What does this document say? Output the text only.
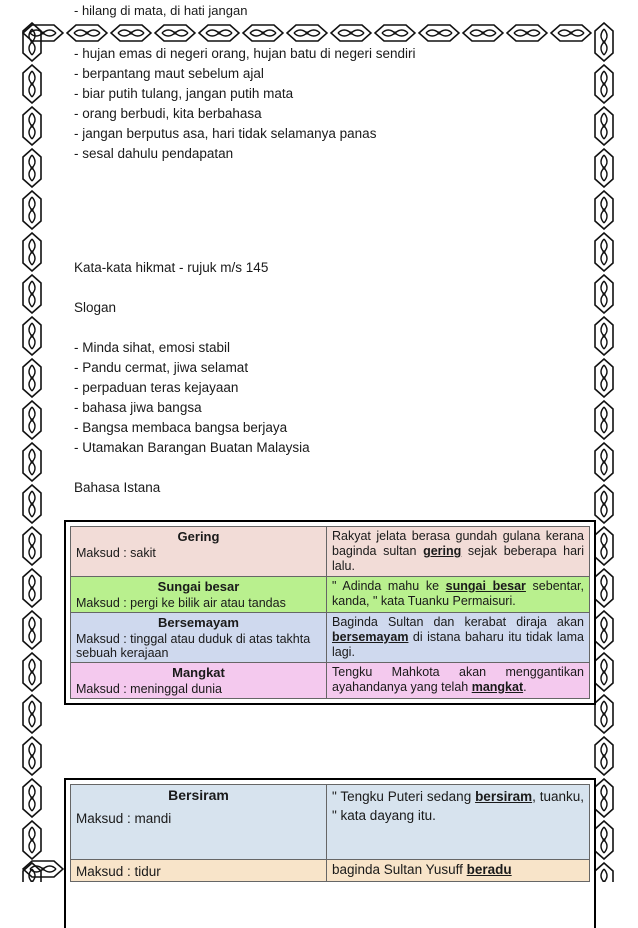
- hilang di mata, di hati jangan
- hujan emas di negeri orang, hujan batu di negeri sendiri
- berpantang maut sebelum ajal
- biar putih tulang, jangan putih mata
- orang berbudi, kita berbahasa
- jangan berputus asa, hari tidak selamanya panas
- sesal dahulu pendapatan
Kata-kata hikmat - rujuk m/s 145
Slogan
- Minda sihat, emosi stabil
- Pandu cermat, jiwa selamat
- perpaduan teras kejayaan
- bahasa jiwa bangsa
- Bangsa membaca bangsa berjaya
- Utamakan Barangan Buatan Malaysia
Bahasa Istana
Gering
Maksud : sakit	Rakyat jelata berasa gundah gulana kerana baginda sultan gering sejak beberapa hari lalu.

Sungai besar
Maksud : pergi ke bilik air atau tandas	" Adinda mahu ke sungai besar sebentar, kanda, " kata Tuanku Permaisuri.

Bersemayam
Maksud : tinggal atau duduk di atas takhta sebuah kerajaan	Baginda Sultan dan kerabat diraja akan bersemayam di istana baharu itu tidak lama lagi.

Mangkat
Maksud : meninggal dunia	Tengku Mahkota akan menggantikan ayahandanya yang telah mangkat.
Bersiram
Maksud : mandi	" Tengku Puteri sedang bersiram, tuanku, " kata dayang itu.

Maksud : tidur	baginda Sultan Yusuff beradu
